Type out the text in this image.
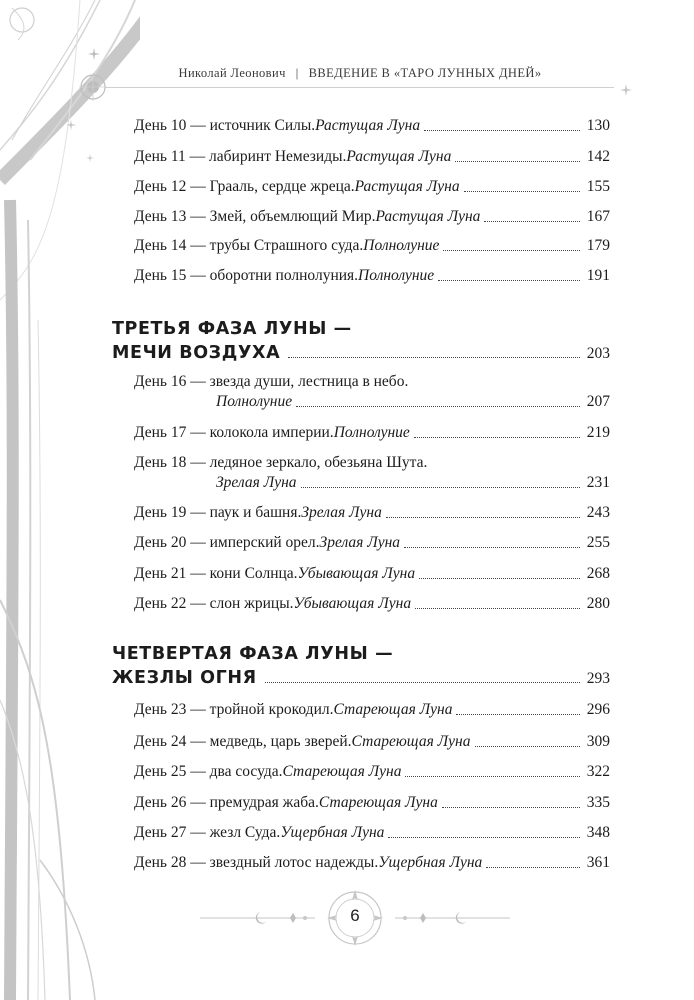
Николай Леонович | ВВЕДЕНИЕ В «ТАРО ЛУННЫХ ДНЕЙ»
День 10 — источник Силы. Растущая Луна	130
День 11 — лабиринт Немезиды. Растущая Луна	142
День 12 — Грааль, сердце жреца. Растущая Луна	155
День 13 — Змей, объемлющий Мир. Растущая Луна	167
День 14 — трубы Страшного суда. Полнолуние	179
День 15 — оборотни полнолуния. Полнолуние	191
ТРЕТЬЯ ФАЗА ЛУНЫ —
МЕЧИ ВОЗДУХА	203
День 16 — звезда души, лестница в небо.
Полнолуние	207
День 17 — колокола империи. Полнолуние	219
День 18 — ледяное зеркало, обезьяна Шута.
Зрелая Луна	231
День 19 — паук и башня. Зрелая Луна	243
День 20 — имперский орел. Зрелая Луна	255
День 21 — кони Солнца. Убывающая Луна	268
День 22 — слон жрицы. Убывающая Луна	280
ЧЕТВЕРТАЯ ФАЗА ЛУНЫ —
ЖЕЗЛЫ ОГНЯ	293
День 23 — тройной крокодил. Стареющая Луна	296
День 24 — медведь, царь зверей. Стареющая Луна	309
День 25 — два сосуда. Стареющая Луна	322
День 26 — премудрая жаба. Стареющая Луна	335
День 27 — жезл Суда. Ущербная Луна	348
День 28 — звездный лотос надежды. Ущербная Луна	361
6
